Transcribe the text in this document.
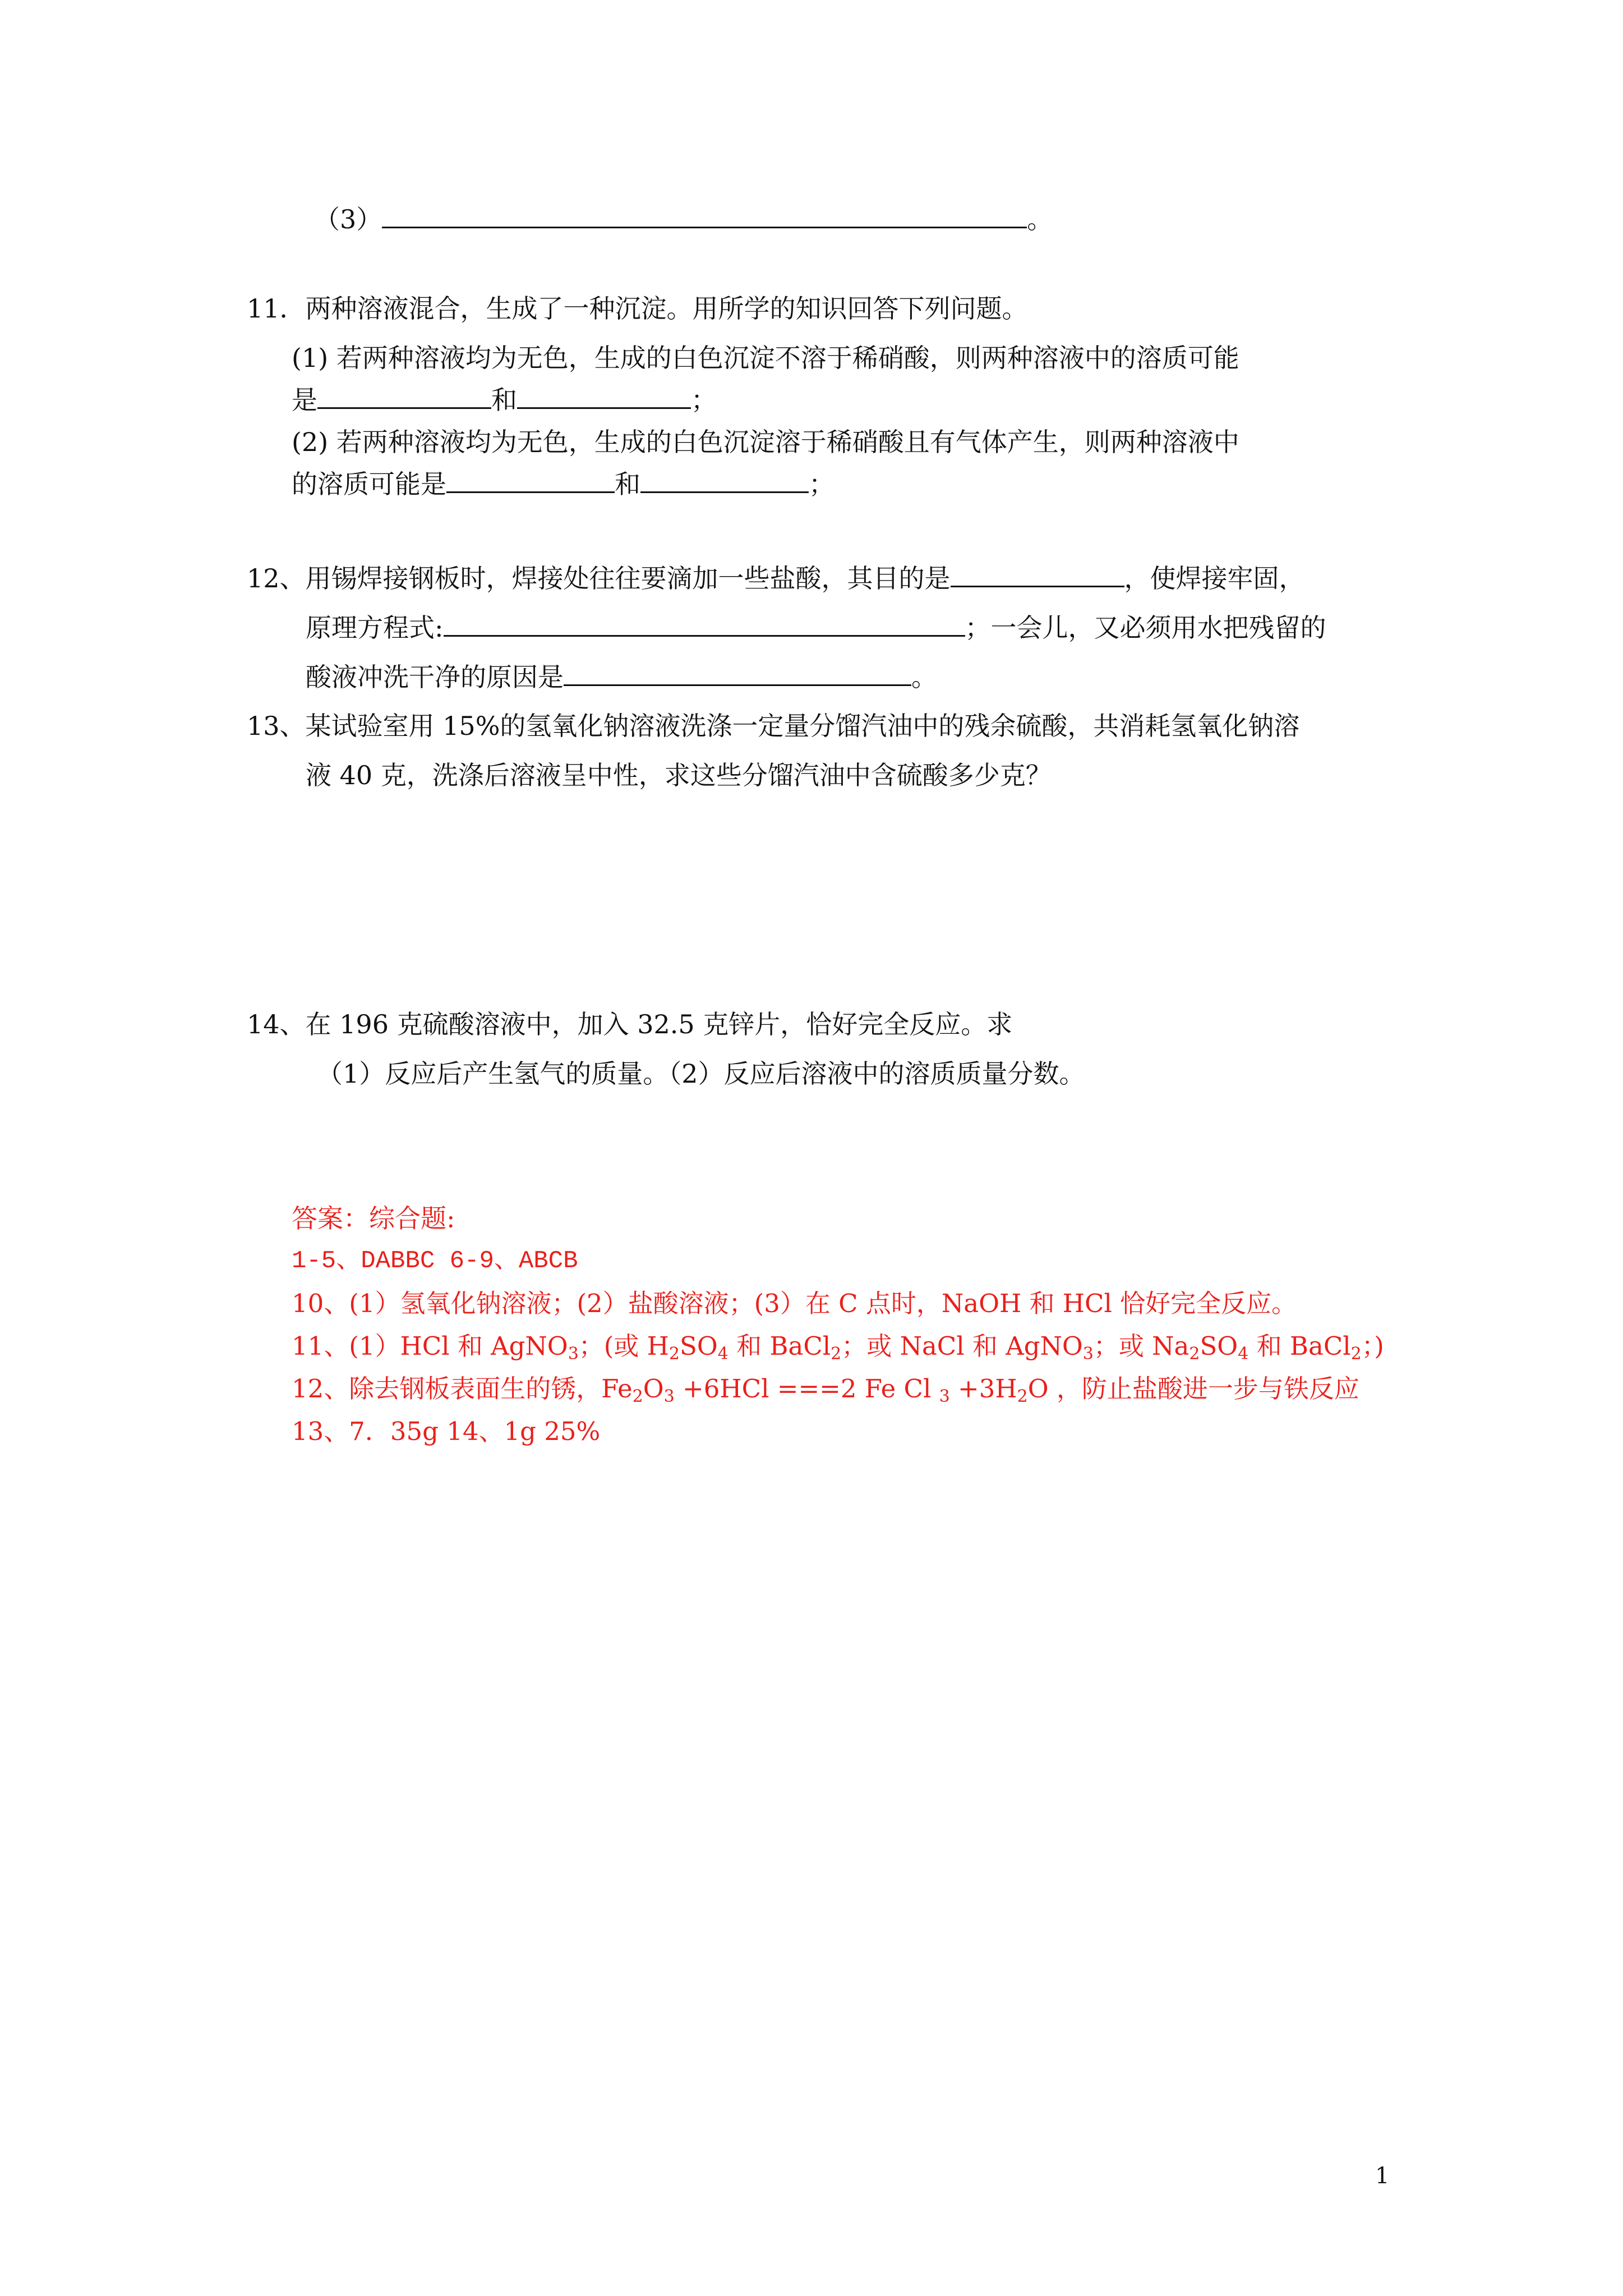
（3）	。
11．两种溶液混合，生成了一种沉淀。用所学的知识回答下列问题。
(1) 若两种溶液均为无色，生成的白色沉淀不溶于稀硝酸，则两种溶液中的溶质可能
是	和	；
(2) 若两种溶液均为无色，生成的白色沉淀溶于稀硝酸且有气体产生，则两种溶液中
的溶质可能是	和	；
12、用锡焊接钢板时，焊接处往往要滴加一些盐酸，其目的是	，使焊接牢固，
原理方程式:	；一会儿，又必须用水把残留的
酸液冲洗干净的原因是	。
13、某试验室用 15%的氢氧化钠溶液洗涤一定量分馏汽油中的残余硫酸，共消耗氢氧化钠溶
液 40 克，洗涤后溶液呈中性，求这些分馏汽油中含硫酸多少克？
14、在 196 克硫酸溶液中，加入 32.5 克锌片，恰好完全反应。求
（1）反应后产生氢气的质量。（2）反应后溶液中的溶质质量分数。
答案：综合题:
1-5、DABBC 6-9、ABCB
10、(1）氢氧化钠溶液；(2）盐酸溶液；(3）在 C 点时，NaOH 和 HCl 恰好完全反应。
11、(1）HCl 和 AgNO$_3$；(或 $H_2SO_4$ 和 BaCl$_2$；或 NaCl 和 AgNO$_3$；或 $Na_2SO_4$ 和 BaCl$_2$；)
12、除去钢板表面生的锈，$Fe_2O_3 +6HCl ===2$ Fe Cl $_3 +3H_2O$ ，防止盐酸进一步与铁反应
13、7．35g 14、1g 25%
1
